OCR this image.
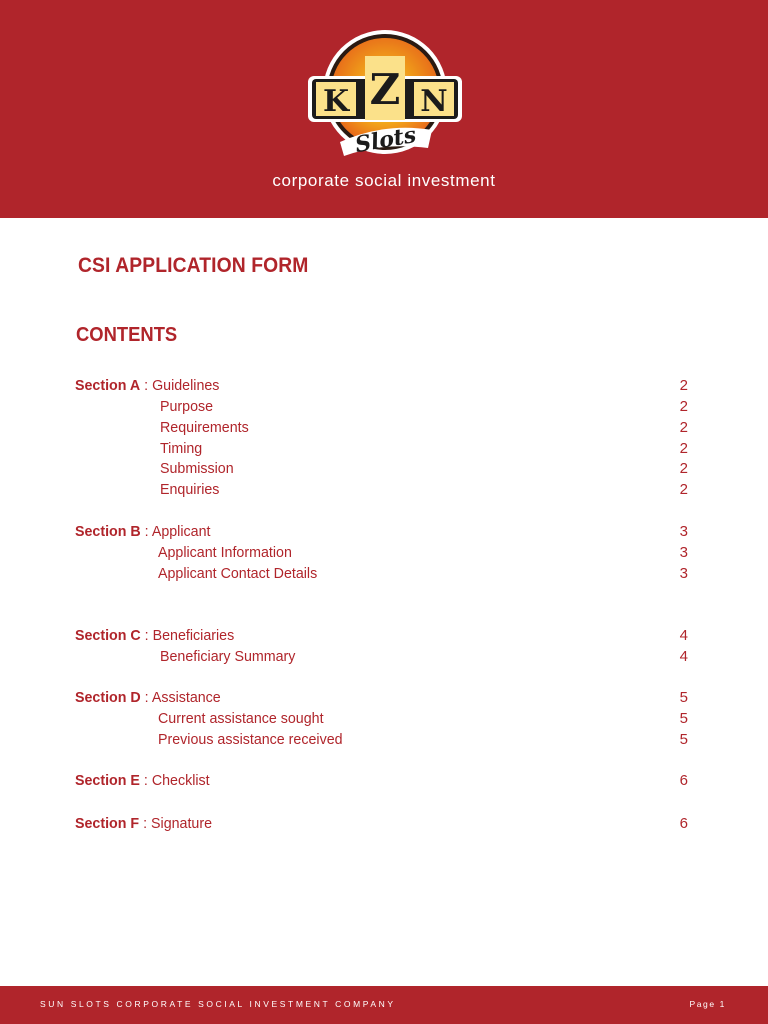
K Z N
Slots
corporate social investment
CSI APPLICATION FORM
CONTENTS
Section A : Guidelines	2
Purpose	2
Requirements	2
Timing	2
Submission	2
Enquiries	2
Section B : Applicant	3
Applicant Information	3
Applicant Contact Details	3
Section C : Beneficiaries	4
Beneficiary Summary	4
Section D : Assistance	5
Current assistance sought	5
Previous assistance received	5
Section E : Checklist	6
Section F : Signature	6
SUN SLOTS CORPORATE SOCIAL INVESTMENT COMPANY	Page 1
